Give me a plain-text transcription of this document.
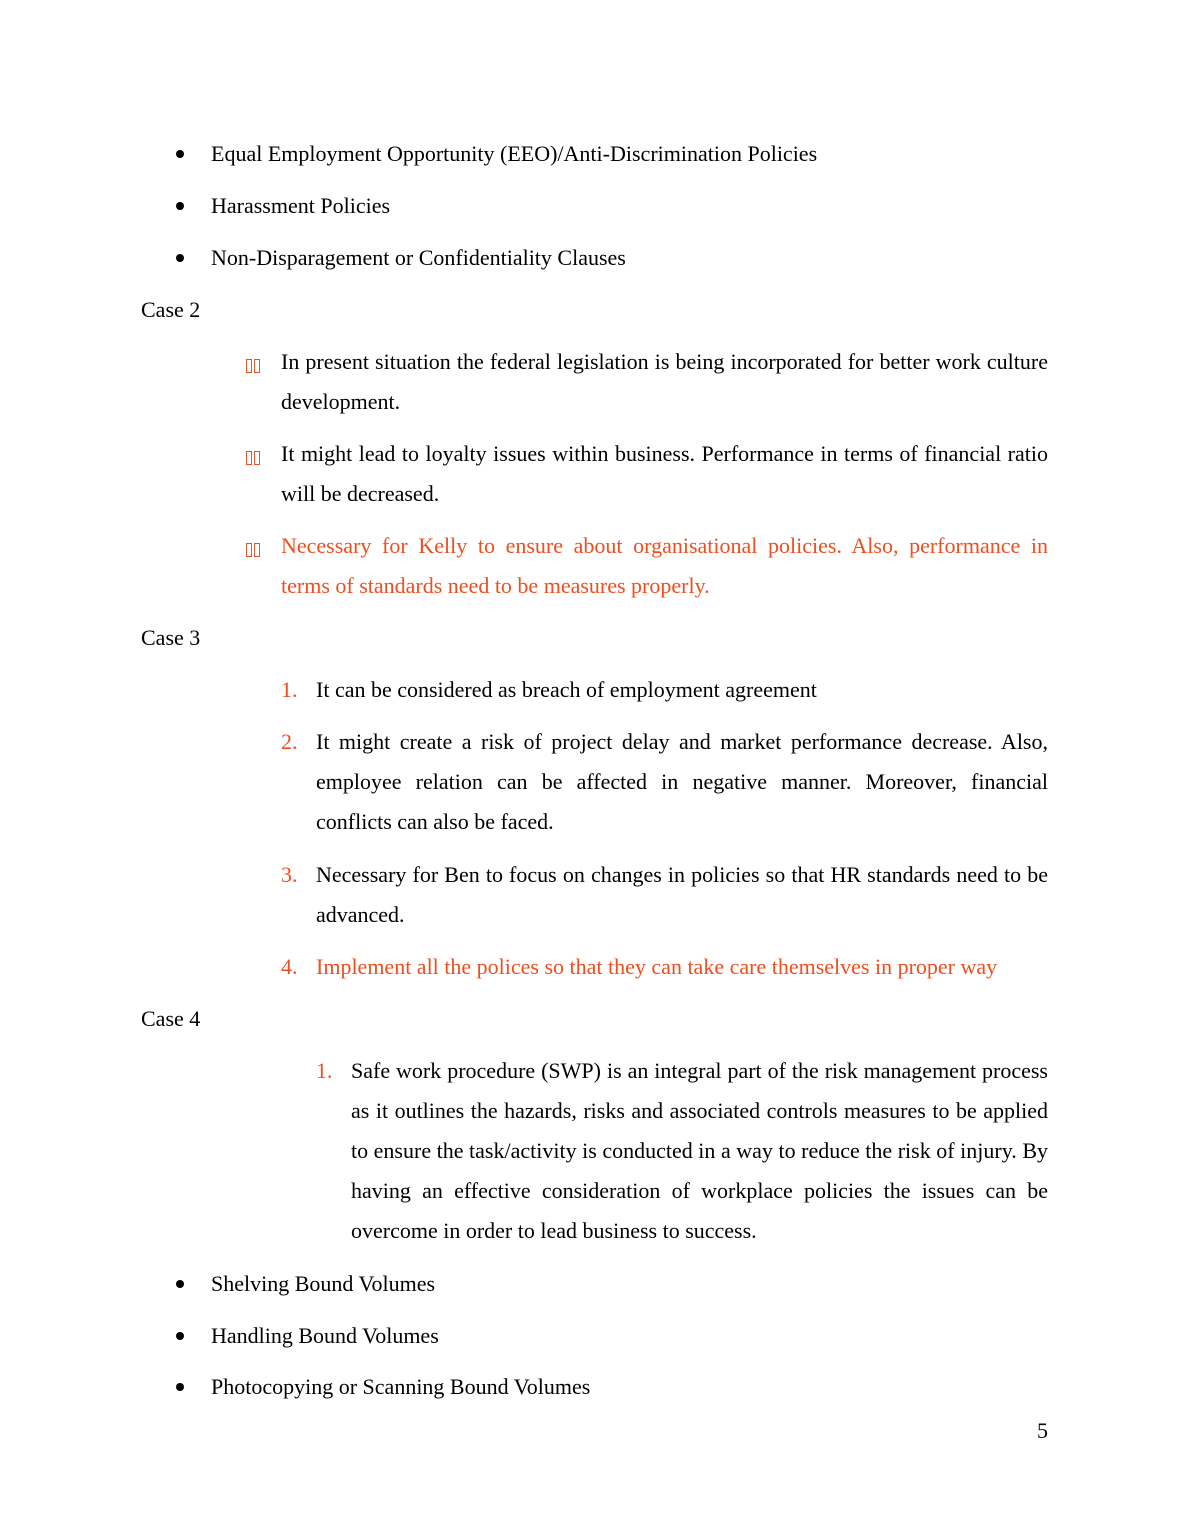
Equal Employment Opportunity (EEO)/Anti-Discrimination Policies
Harassment Policies
Non-Disparagement or Confidentiality Clauses
Case 2
In present situation the federal legislation is being incorporated for better work culture development.
It might lead to loyalty issues within business. Performance in terms of financial ratio will be decreased.
Necessary for Kelly to ensure about organisational policies. Also, performance in terms of standards need to be measures properly.
Case 3
1. It can be considered as breach of employment agreement
2. It might create a risk of project delay and market performance decrease. Also, employee relation can be affected in negative manner. Moreover, financial conflicts can also be faced.
3. Necessary for Ben to focus on changes in policies so that HR standards need to be advanced.
4. Implement all the polices so that they can take care themselves in proper way
Case 4
1. Safe work procedure (SWP) is an integral part of the risk management process as it outlines the hazards, risks and associated controls measures to be applied to ensure the task/activity is conducted in a way to reduce the risk of injury. By having an effective consideration of workplace policies the issues can be overcome in order to lead business to success.
Shelving Bound Volumes
Handling Bound Volumes
Photocopying or Scanning Bound Volumes
5
